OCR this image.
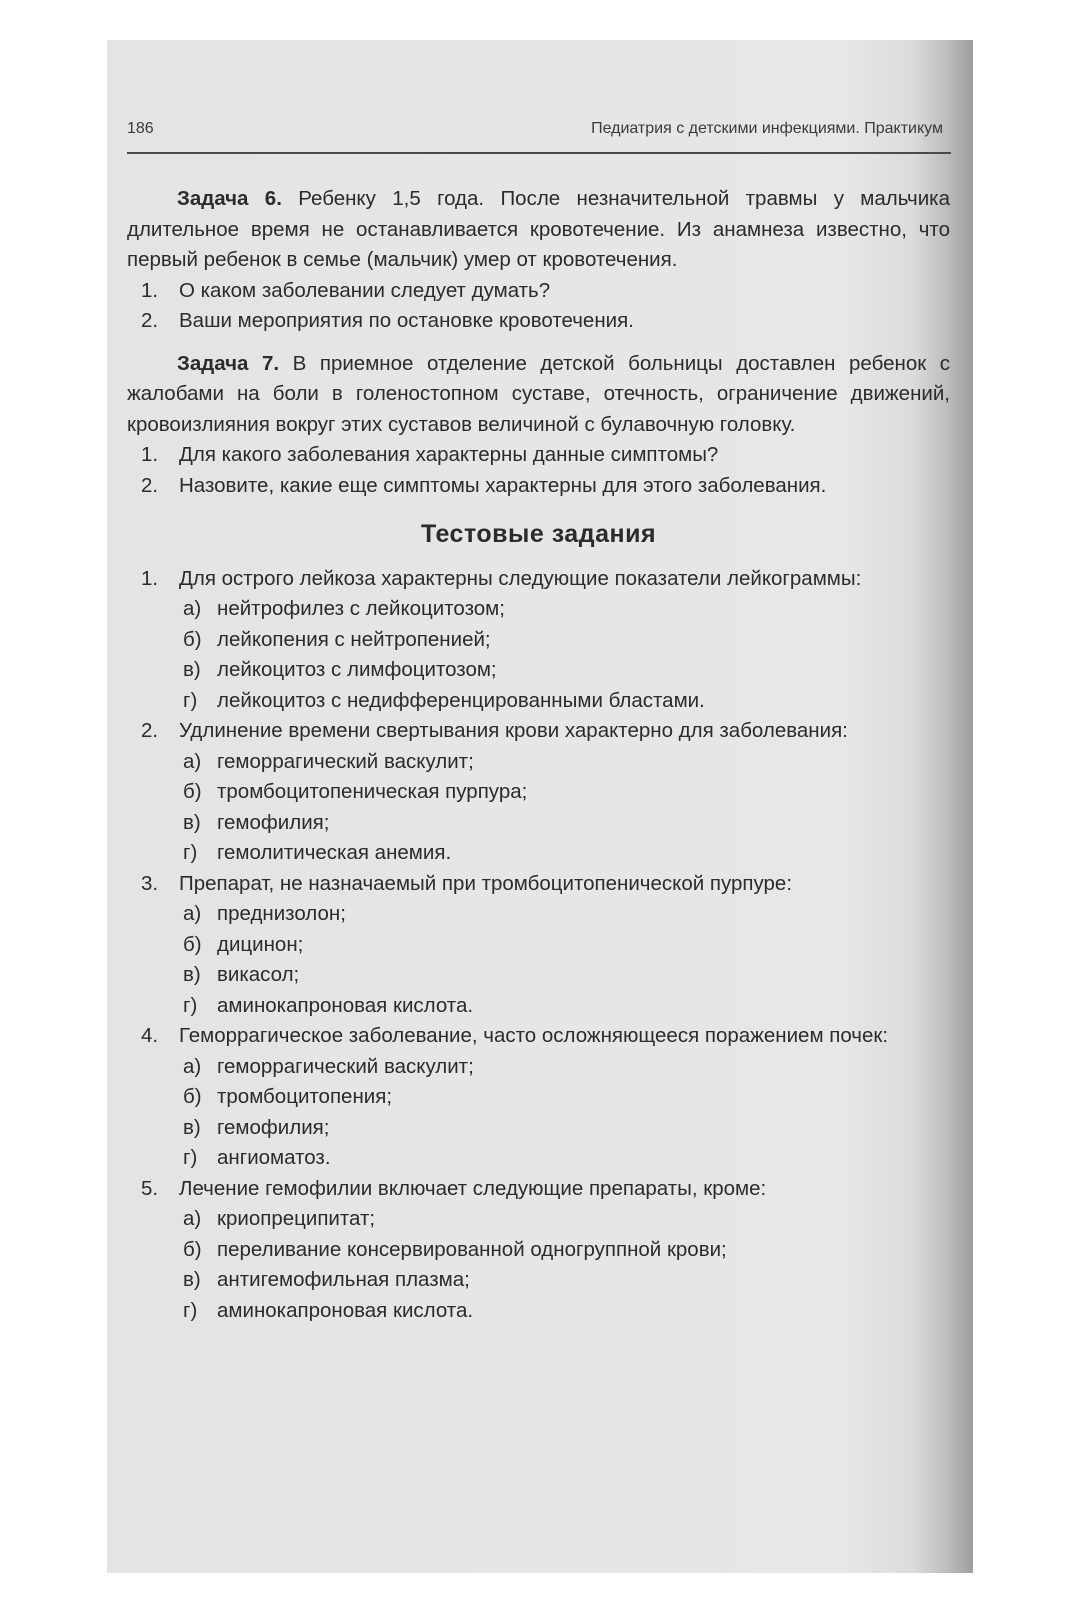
186	Педиатрия с детскими инфекциями. Практикум

Задача 6. Ребенку 1,5 года. После незначительной травмы у мальчика длительное время не останавливается кровотечение. Из анамнеза известно, что первый ребенок в семье (мальчик) умер от кровотечения.

1. О каком заболевании следует думать?
2. Ваши мероприятия по остановке кровотечения.

Задача 7. В приемное отделение детской больницы доставлен ребенок с жалобами на боли в голеностопном суставе, отечность, ограничение движений, кровоизлияния вокруг этих суставов величиной с булавочную головку.

1. Для какого заболевания характерны данные симптомы?
2. Назовите, какие еще симптомы характерны для этого заболевания.
Тестовые задания
1. Для острого лейкоза характерны следующие показатели лейкограммы:
а) нейтрофилез с лейкоцитозом;
б) лейкопения с нейтропенией;
в) лейкоцитоз с лимфоцитозом;
г) лейкоцитоз с недифференцированными бластами.
2. Удлинение времени свертывания крови характерно для заболевания:
а) геморрагический васкулит;
б) тромбоцитопеническая пурпура;
в) гемофилия;
г) гемолитическая анемия.
3. Препарат, не назначаемый при тромбоцитопенической пурпуре:
а) преднизолон;
б) дицинон;
в) викасол;
г) аминокапроновая кислота.
4. Геморрагическое заболевание, часто осложняющееся поражением почек:
а) геморрагический васкулит;
б) тромбоцитопения;
в) гемофилия;
г) ангиоматоз.
5. Лечение гемофилии включает следующие препараты, кроме:
а) криопреципитат;
б) переливание консервированной одногруппной крови;
в) антигемофильная плазма;
г) аминокапроновая кислота.
